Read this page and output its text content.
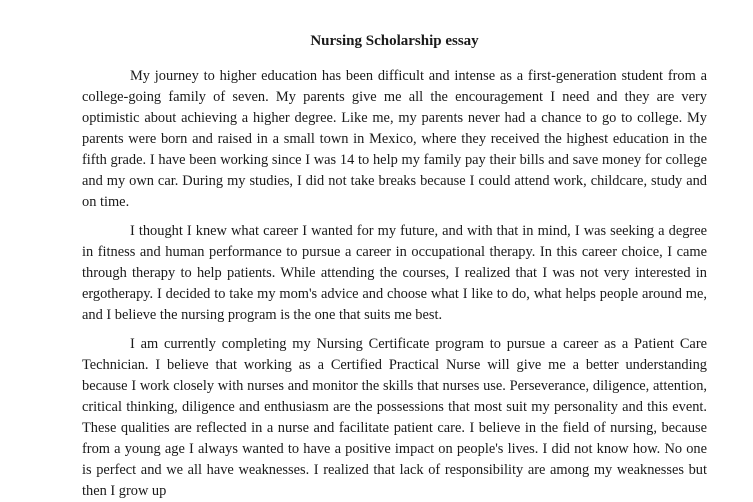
Nursing Scholarship essay

My journey to higher education has been difficult and intense as a first-generation student from a college-going family of seven. My parents give me all the encouragement I need and they are very optimistic about achieving a higher degree. Like me, my parents never had a chance to go to college. My parents were born and raised in a small town in Mexico, where they received the highest education in the fifth grade. I have been working since I was 14 to help my family pay their bills and save money for college and my own car. During my studies, I did not take breaks because I could attend work, childcare, study and on time.

I thought I knew what career I wanted for my future, and with that in mind, I was seeking a degree in fitness and human performance to pursue a career in occupational therapy. In this career choice, I came through therapy to help patients. While attending the courses, I realized that I was not very interested in ergotherapy. I decided to take my mom's advice and choose what I like to do, what helps people around me, and I believe the nursing program is the one that suits me best.

I am currently completing my Nursing Certificate program to pursue a career as a Patient Care Technician. I believe that working as a Certified Practical Nurse will give me a better understanding because I work closely with nurses and monitor the skills that nurses use. Perseverance, diligence, attention, critical thinking, diligence and enthusiasm are the possessions that most suit my personality and this event. These qualities are reflected in a nurse and facilitate patient care. I believe in the field of nursing, because from a young age I always wanted to have a positive impact on people's lives. I did not know how. No one is perfect and we all have weaknesses. I realized that lack of responsibility are among my weaknesses but then I grow up
